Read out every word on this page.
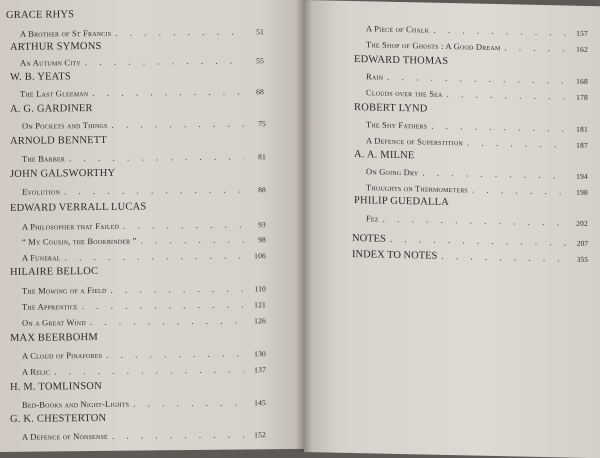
GRACE RHYS
A Brother of St Francis . . .	51
ARTHUR SYMONS
An Autumn City . . .	55
W. B. YEATS
The Last Gleeman . . .	68
A. G. GARDINER
On Pockets and Things . . .	75
ARNOLD BENNETT
The Barber . . .	81
JOHN GALSWORTHY
Evolution . . .	88
EDWARD VERRALL LUCAS
A Philosopher that Failed . . .	93
“ My Cousin, the Bookbinder ” . . .	98
A Funeral . . .	106
HILAIRE BELLOC
The Mowing of a Field . . .	110
The Apprentice . . .	121
On a Great Wind . . .	126
MAX BEERBOHM
A Cloud of Pinafores . . .	130
A Relic . . .	137
H. M. TOMLINSON
Bed-Books and Night-Lights . . .	145
G. K. CHESTERTON
A Defence of Nonsense . . .	152
A Piece of Chalk . . .	157
The Shop of Ghosts : A Good Dream . . .	162
EDWARD THOMAS
Rain . . .	168
Clouds over the Sea . . .	178
ROBERT LYND
The Shy Fathers . . .	181
A Defence of Superstition . . .	187
A. A. MILNE
On Going Dry . . .	194
Thoughts on Thermometers . . .	198
PHILIP GUEDALLA
Fez . . .	202
NOTES . . .	207
INDEX TO NOTES . . .	355
